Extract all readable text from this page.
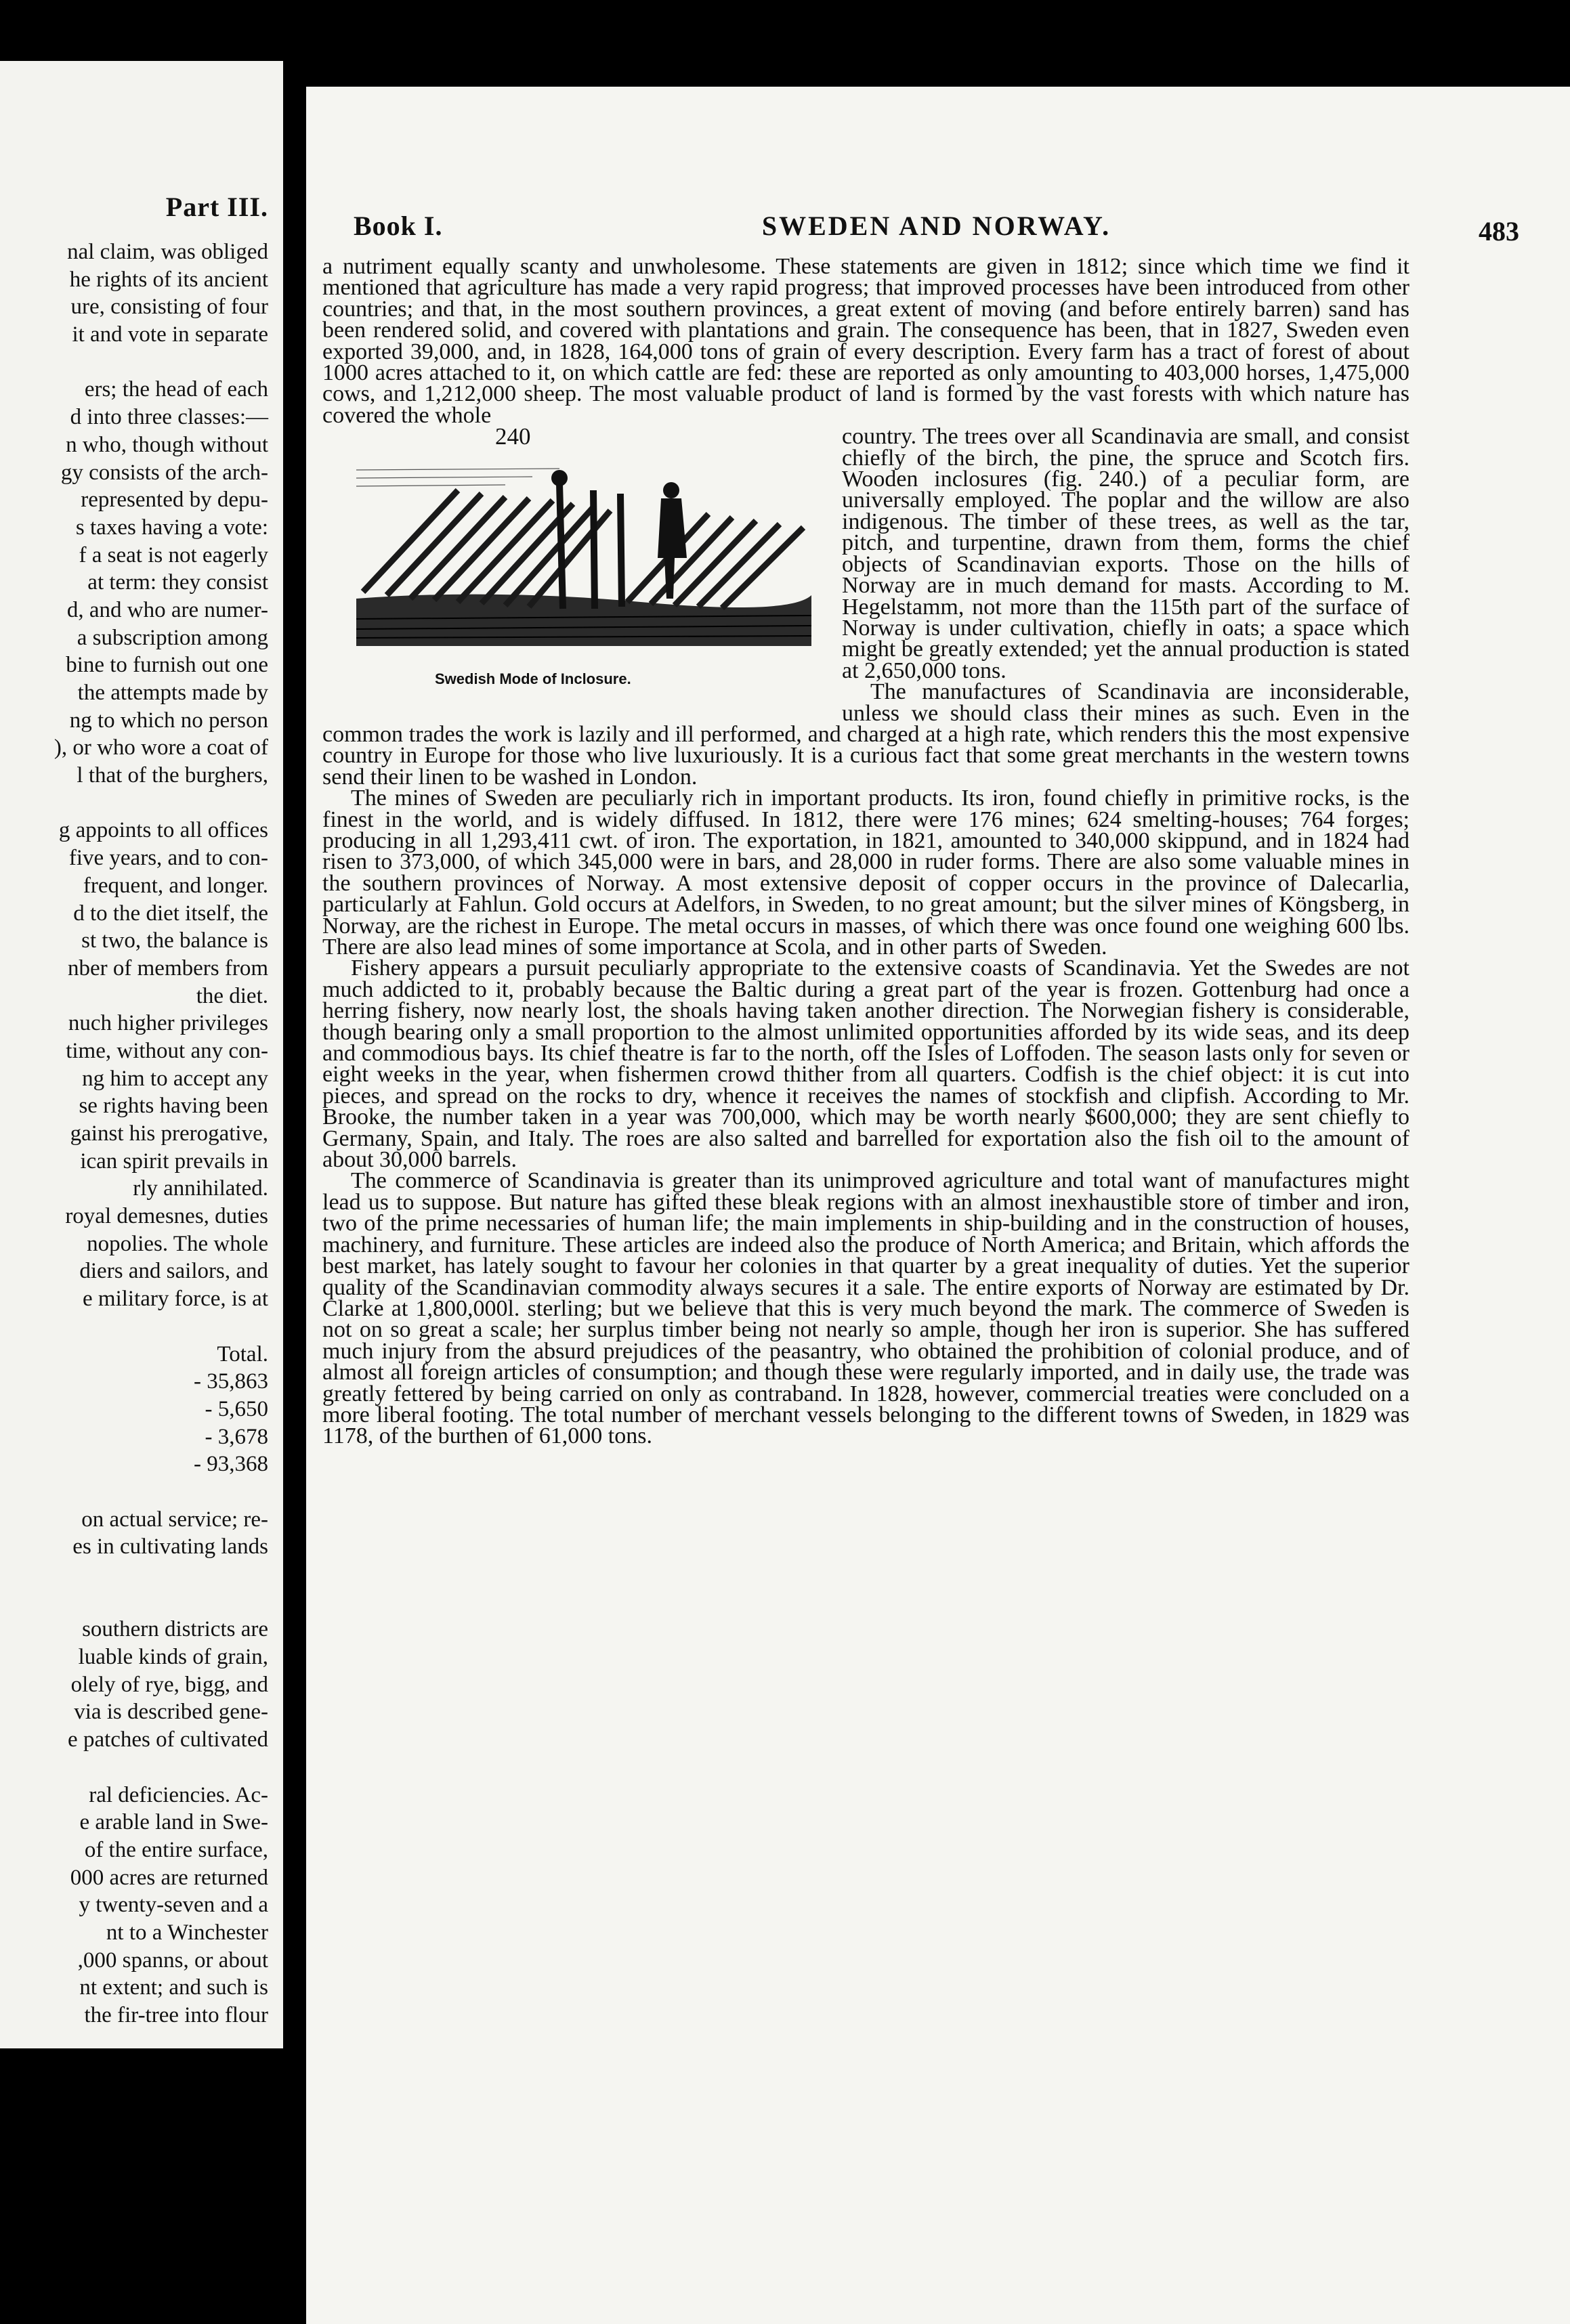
Part III.
nal claim, was obliged
he rights of its ancient
ure, consisting of four
it and vote in separate
ers; the head of each
d into three classes:—
n who, though without
gy consists of the arch-
represented by depu-
s taxes having a vote:
f a seat is not eagerly
at term: they consist
d, and who are numer-
a subscription among
bine to furnish out one
the attempts made by
ng to which no person
), or who wore a coat of
l that of the burghers,
g appoints to all offices
five years, and to con-
frequent, and longer.
d to the diet itself, the
st two, the balance is
nber of members from
the diet.
nuch higher privileges
time, without any con-
ng him to accept any
se rights having been
gainst his prerogative,
ican spirit prevails in
rly annihilated.
royal demesnes, duties
nopolies. The whole
diers and sailors, and
e military force, is at
Total.
- 35,863
- 5,650
- 3,678
- 93,368
on actual service; re-
es in cultivating lands
southern districts are
luable kinds of grain,
olely of rye, bigg, and
via is described gene-
e patches of cultivated
ral deficiencies. Ac-
e arable land in Swe-
of the entire surface,
000 acres are returned
y twenty-seven and a
nt to a Winchester
,000 spanns, or about
nt extent; and such is
the fir-tree into flour
Book I.	SWEDEN AND NORWAY.	483

a nutriment equally scanty and unwholesome. These statements are given in 1812; since which time we find it mentioned that agriculture has made a very rapid progress; that improved processes have been introduced from other countries; and that, in the most southern provinces, a great extent of moving (and before entirely barren) sand has been rendered solid, and covered with plantations and grain. The consequence has been, that in 1827, Sweden even exported 39,000, and, in 1828, 164,000 tons of grain of every description. Every farm has a tract of forest of about 1000 acres attached to it, on which cattle are fed: these are reported as only amounting to 403,000 horses, 1,475,000 cows, and 1,212,000 sheep. The most valuable product of land is formed by the vast forests with which nature has covered the whole

240
Swedish Mode of Inclosure.

country. The trees over all Scandinavia are small, and consist chiefly of the birch, the pine, the spruce and Scotch firs. Wooden inclosures (fig. 240.) of a peculiar form, are universally employed. The poplar and the willow are also indigenous. The timber of these trees, as well as the tar, pitch, and turpentine, drawn from them, forms the chief objects of Scandinavian exports. Those on the hills of Norway are in much demand for masts. According to M. Hegelstamm, not more than the 115th part of the surface of Norway is under cultivation, chiefly in oats; a space which might be greatly extended; yet the annual production is stated at 2,650,000 tons.

The manufactures of Scandinavia are inconsiderable, unless we should class their mines as such. Even in the common trades the work is lazily and ill performed, and charged at a high rate, which renders this the most expensive country in Europe for those who live luxuriously. It is a curious fact that some great merchants in the western towns send their linen to be washed in London.

The mines of Sweden are peculiarly rich in important products. Its iron, found chiefly in primitive rocks, is the finest in the world, and is widely diffused. In 1812, there were 176 mines; 624 smelting-houses; 764 forges; producing in all 1,293,411 cwt. of iron. The exportation, in 1821, amounted to 340,000 skippund, and in 1824 had risen to 373,000, of which 345,000 were in bars, and 28,000 in ruder forms. There are also some valuable mines in the southern provinces of Norway. A most extensive deposit of copper occurs in the province of Dalecarlia, particularly at Fahlun. Gold occurs at Adelfors, in Sweden, to no great amount; but the silver mines of Köngsberg, in Norway, are the richest in Europe. The metal occurs in masses, of which there was once found one weighing 600 lbs. There are also lead mines of some importance at Scola, and in other parts of Sweden.

Fishery appears a pursuit peculiarly appropriate to the extensive coasts of Scandinavia. Yet the Swedes are not much addicted to it, probably because the Baltic during a great part of the year is frozen. Gottenburg had once a herring fishery, now nearly lost, the shoals having taken another direction. The Norwegian fishery is considerable, though bearing only a small proportion to the almost unlimited opportunities afforded by its wide seas, and its deep and commodious bays. Its chief theatre is far to the north, off the Isles of Loffoden. The season lasts only for seven or eight weeks in the year, when fishermen crowd thither from all quarters. Codfish is the chief object: it is cut into pieces, and spread on the rocks to dry, whence it receives the names of stockfish and clipfish. According to Mr. Brooke, the number taken in a year was 700,000, which may be worth nearly $600,000; they are sent chiefly to Germany, Spain, and Italy. The roes are also salted and barrelled for exportation also the fish oil to the amount of about 30,000 barrels.

The commerce of Scandinavia is greater than its unimproved agriculture and total want of manufactures might lead us to suppose. But nature has gifted these bleak regions with an almost inexhaustible store of timber and iron, two of the prime necessaries of human life; the main implements in ship-building and in the construction of houses, machinery, and furniture. These articles are indeed also the produce of North America; and Britain, which affords the best market, has lately sought to favour her colonies in that quarter by a great inequality of duties. Yet the superior quality of the Scandinavian commodity always secures it a sale. The entire exports of Norway are estimated by Dr. Clarke at 1,800,000l. sterling; but we believe that this is very much beyond the mark. The commerce of Sweden is not on so great a scale; her surplus timber being not nearly so ample, though her iron is superior. She has suffered much injury from the absurd prejudices of the peasantry, who obtained the prohibition of colonial produce, and of almost all foreign articles of consumption; and though these were regularly imported, and in daily use, the trade was greatly fettered by being carried on only as contraband. In 1828, however, commercial treaties were concluded on a more liberal footing. The total number of merchant vessels belonging to the different towns of Sweden, in 1829 was 1178, of the burthen of 61,000 tons.
